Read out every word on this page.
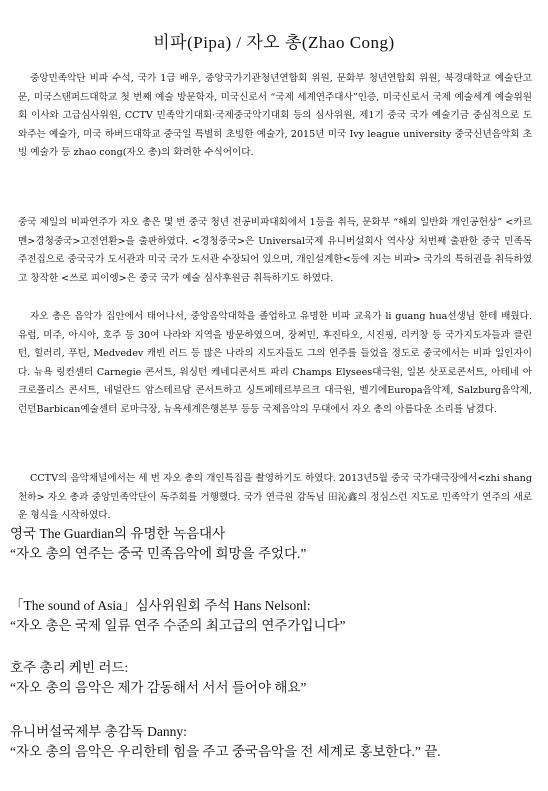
비파(Pipa) / 자오 총(Zhao Cong)

중앙민족악단 비파 수석, 국가 1급 배우, 중앙국가기관청년연합회 위원, 문화부 청년연합회 위원, 북경대학교 예술단고문, 미국스탠퍼드대학교 첫 번째 예술 방문학자, 미국신로서 “국제 세계연주대사”인증, 미국신로서 국제 예술세계 예술위원회 이사와 고급심사위원, CCTV 민족악기대회·국제중국악기대회 등의 심사위원, 제1기 중국 국가 예술기금 중심적으로 도와주는 예술가, 미국 하버드대학교 중국일 특별히 초빙한 예술가, 2015년 미국 Ivy league university 중국신년음악회 초빙 예술가 등 zhao cong(자오 총)의 화려한 수식어이다.

중국 제일의 비파연주가 자오 총은 몇 번 중국 청년 전공비파대회에서 1등을 취득, 문화부 “해외 일반화 개인공헌상” <카르멘>경청중국>고전연환>을 출판하였다. <경청중국>은 Universal국제 유니버설회사 역사상 처번째 출판한 중국 민족독주전집으로 중국국가 도서관과 미국 국가 도서관 수장되어 있으며, 개인설계한<등에 지는 비파> 국가의 특허권을 취득하였고 창작한 <쓰로 피이엥>은 중국 국가 예술 심사후원금 취득하기도 하였다.

자오 총은 음악가 집안에서 태어나서, 중앙음악대학을 졸업하고 유명한 비파 교육가 li guang hua선생님 한테 배웠다. 유럽, 미주, 아시아, 호주 등 30여 나라와 지역을 방문하였으며, 장쩌민, 후진타오, 시진핑, 리커창 등 국가지도자들과 클린턴, 힐러리, 푸틴, Medvedev 캐빈 러드 등 많은 나라의 지도자들도 그의 연주를 들었을 정도로 중국에서는 비파 일인자이다. 뉴욕 링컨센터 Carnegie 콘서트, 워싱턴 케네디콘서트 파리 Champs Elysees대극원, 일본 삿포로콘서트, 아테네 아크로폴리스 콘서트, 네덜란드 암스테르담 콘서트하고 싱트페테르부르크 대극원, 벨기에Europa음악제, Salzburg음악제, 런던Barbican예술센터 로마극장, 뉴욕세계은행본부 등등 국제음악의 무대에서 자오 총의 아름다운 소리를 남겼다.

CCTV의 음악채널에서는 세 번 자오 총의 개인특집을 촬영하기도 하였다. 2013년5월 중국 국가대극장에서<zhi shang 천하> 자오 총과 중앙민족악단이 독주회를 거행했다. 국가 연극원 감독님 田沁鑫의 정심스런 지도로 민족악기 연주의 새로운 형식을 시작하였다.

영국 The Guardian의 유명한 녹음대사

“자오 총의 연주는 중국 민족음악에 희망을 주었다.”

「The sound of Asia」심사위원회 주석 Hans Nelsonl:

“자오 총은 국제 일류 연주 수준의 최고급의 연주가입니다”

호주 총리 케빈 러드:

“자오 총의 음악은 제가 감동해서 서서 들어야 해요”

유니버설국제부 총감독 Danny:

“자오 총의 음악은 우리한테 힘을 주고 중국음악을 전 세계로 홍보한다.” 끝.
